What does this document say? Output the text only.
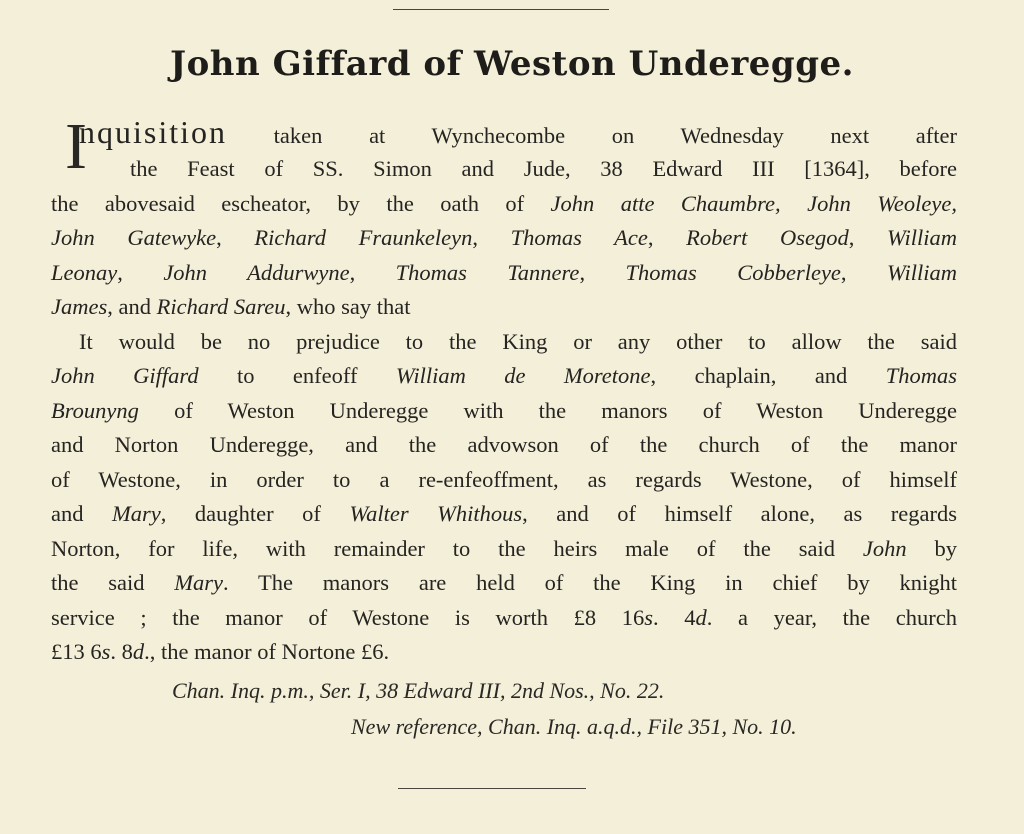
John Giffard of Weston Underegge.
I
nquisition taken at Wynchecombe on Wednesday next after
the Feast of SS. Simon and Jude, 38 Edward III [1364], before
the abovesaid escheator, by the oath of John atte Chaumbre, John Weoleye,
John Gatewyke, Richard Fraunkeleyn, Thomas Ace, Robert Osegod, William
Leonay, John Addurwyne, Thomas Tannere, Thomas Cobberleye, William
James, and Richard Sareu, who say that
It would be no prejudice to the King or any other to allow the said
John Giffard to enfeoff William de Moretone, chaplain, and Thomas
Brounyng of Weston Underegge with the manors of Weston Underegge
and Norton Underegge, and the advowson of the church of the manor
of Westone, in order to a re-enfeoffment, as regards Westone, of himself
and Mary, daughter of Walter Whithous, and of himself alone, as regards
Norton, for life, with remainder to the heirs male of the said John by
the said Mary. The manors are held of the King in chief by knight
service ; the manor of Westone is worth £8 16s. 4d. a year, the church
£13 6s. 8d., the manor of Nortone £6.
Chan. Inq. p.m., Ser. I, 38 Edward III, 2nd Nos., No. 22.
New reference, Chan. Inq. a.q.d., File 351, No. 10.
